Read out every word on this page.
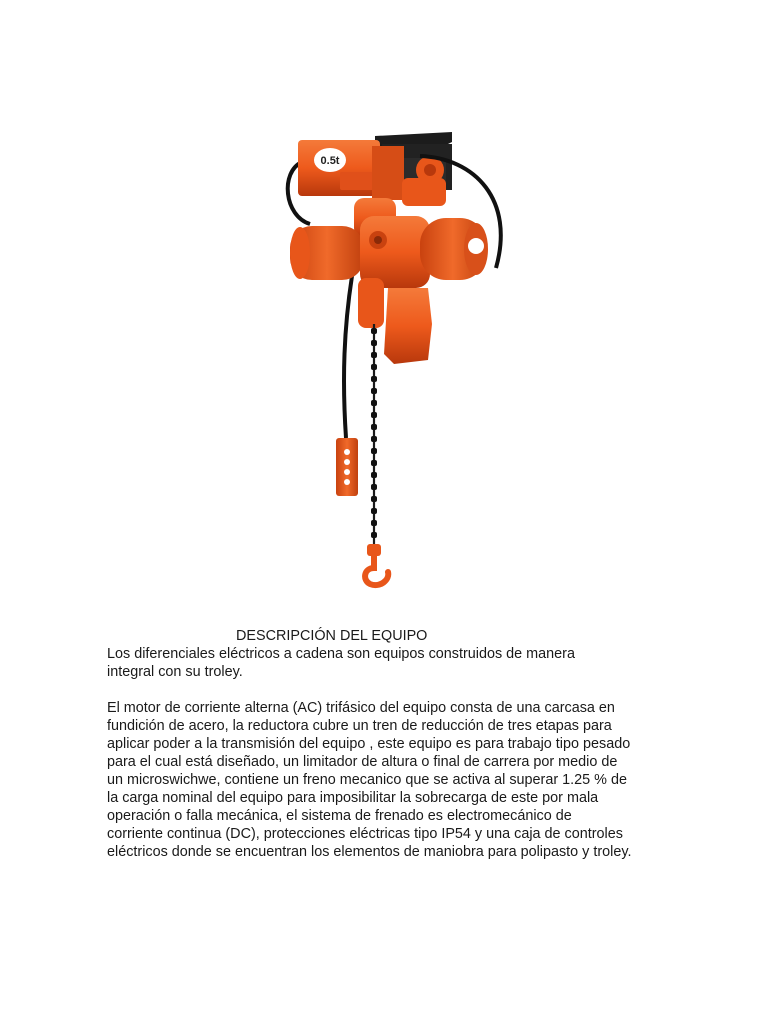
0.5t
DESCRIPCIÓN DEL EQUIPO

Los diferenciales eléctricos a cadena son equipos construidos de manera
integral con su troley.

El motor de corriente alterna (AC) trifásico del equipo consta de una carcasa en
fundición de acero, la reductora cubre un tren de reducción de tres etapas para
aplicar poder a la transmisión del equipo , este equipo es para trabajo tipo pesado
para el cual está diseñado, un limitador de altura o final de carrera por medio de
un microswichwe, contiene un freno mecanico que se activa al superar 1.25 % de
la carga nominal del equipo para imposibilitar la sobrecarga de este por mala
operación o falla mecánica, el sistema de frenado es electromecánico de
corriente continua (DC), protecciones eléctricas tipo IP54 y una caja de controles
eléctricos donde se encuentran los elementos de maniobra para polipasto y troley.
